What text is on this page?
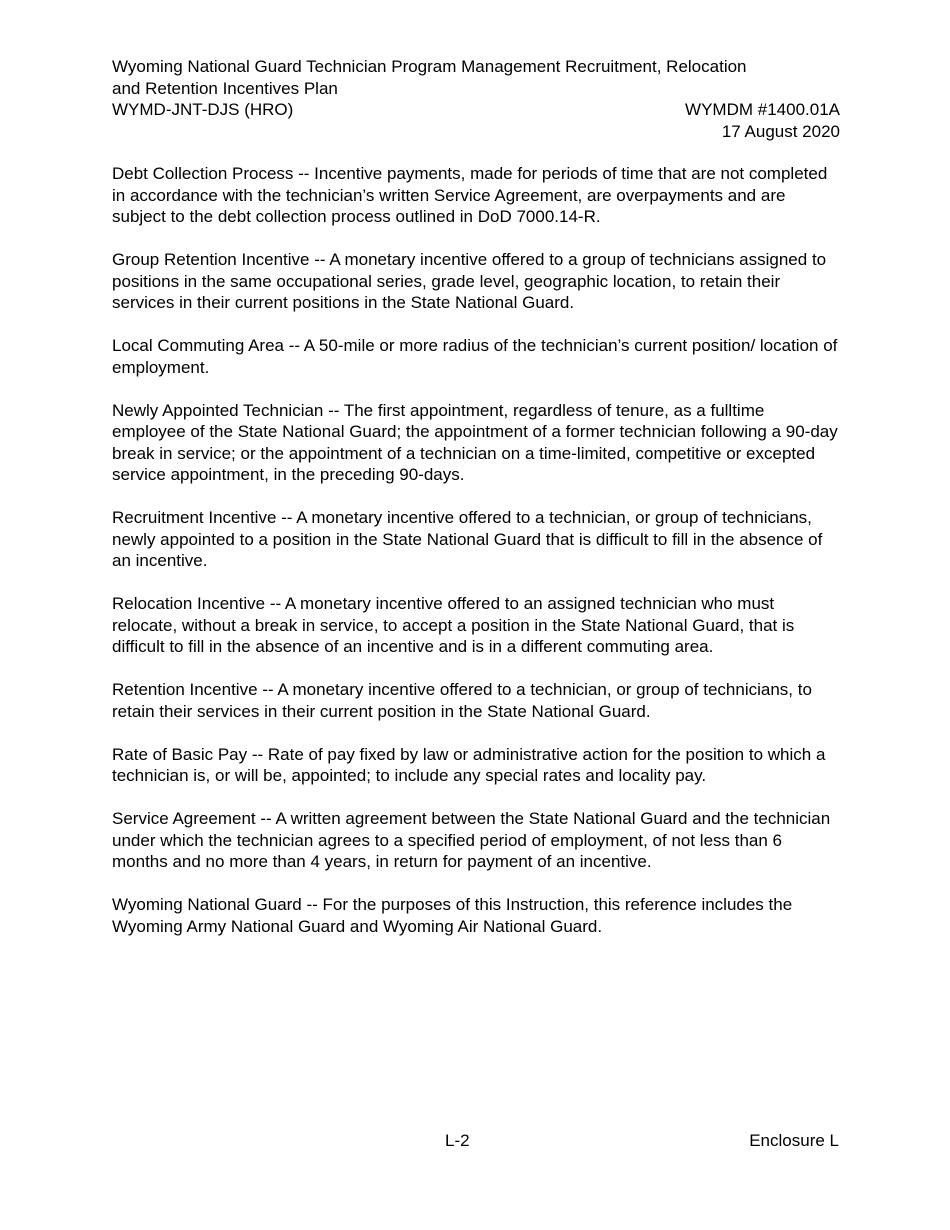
Wyoming National Guard Technician Program Management Recruitment, Relocation
and Retention Incentives Plan
WYMD-JNT-DJS (HRO)	WYMDM #1400.01A
17 August 2020

Debt Collection Process -- Incentive payments, made for periods of time that are not completed in accordance with the technician’s written Service Agreement, are overpayments and are subject to the debt collection process outlined in DoD 7000.14-R.

Group Retention Incentive -- A monetary incentive offered to a group of technicians assigned to positions in the same occupational series, grade level, geographic location, to retain their services in their current positions in the State National Guard.

Local Commuting Area -- A 50-mile or more radius of the technician’s current position/ location of employment.

Newly Appointed Technician -- The first appointment, regardless of tenure, as a fulltime employee of the State National Guard; the appointment of a former technician following a 90-day break in service; or the appointment of a technician on a time-limited, competitive or excepted service appointment, in the preceding 90-days.

Recruitment Incentive -- A monetary incentive offered to a technician, or group of technicians, newly appointed to a position in the State National Guard that is difficult to fill in the absence of an incentive.

Relocation Incentive -- A monetary incentive offered to an assigned technician who must relocate, without a break in service, to accept a position in the State National Guard, that is difficult to fill in the absence of an incentive and is in a different commuting area.

Retention Incentive -- A monetary incentive offered to a technician, or group of technicians, to retain their services in their current position in the State National Guard.

Rate of Basic Pay -- Rate of pay fixed by law or administrative action for the position to which a technician is, or will be, appointed; to include any special rates and locality pay.

Service Agreement -- A written agreement between the State National Guard and the technician under which the technician agrees to a specified period of employment, of not less than 6 months and no more than 4 years, in return for payment of an incentive.

Wyoming National Guard -- For the purposes of this Instruction, this reference includes the Wyoming Army National Guard and Wyoming Air National Guard.

L-2	Enclosure L
